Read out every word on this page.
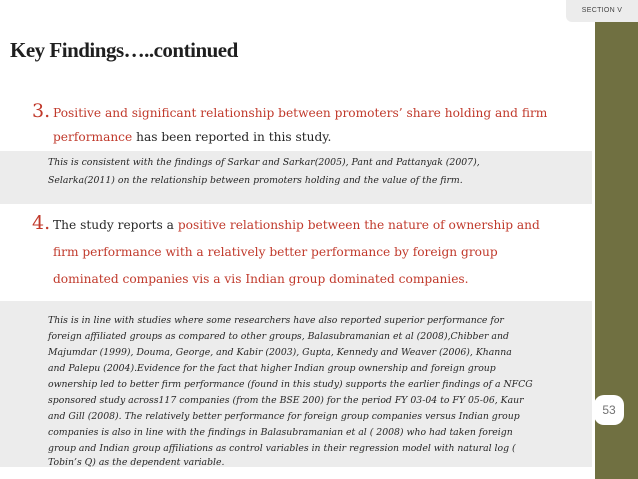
SECTION V
53
Key Findings…..continued
3. Positive and significant relationship between promoters’ share holding and firm
performance has been reported in this study.
This is consistent with the findings of Sarkar and Sarkar(2005), Pant and Pattanyak (2007),
Selarka(2011) on the relationship between promoters holding and the value of the firm.
4. The study reports a positive relationship between the nature of ownership and
firm performance with a relatively better performance by foreign group
dominated companies vis a vis Indian group dominated companies.
This is in line with studies where some researchers have also reported superior performance for
foreign affiliated groups as compared to other groups, Balasubramanian et al (2008),Chibber and
Majumdar (1999), Douma, George, and Kabir (2003), Gupta, Kennedy and Weaver (2006), Khanna
and Palepu (2004).Evidence for the fact that higher Indian group ownership and foreign group
ownership led to better firm performance (found in this study) supports the earlier findings of a NFCG
sponsored study across117 companies (from the BSE 200) for the period FY 03-04 to FY 05-06, Kaur
and Gill (2008). The relatively better performance for foreign group companies versus Indian group
companies is also in line with the findings in Balasubramanian et al ( 2008) who had taken foreign
group and Indian group affiliations as control variables in their regression model with natural log (
Tobin’s Q) as the dependent variable.
